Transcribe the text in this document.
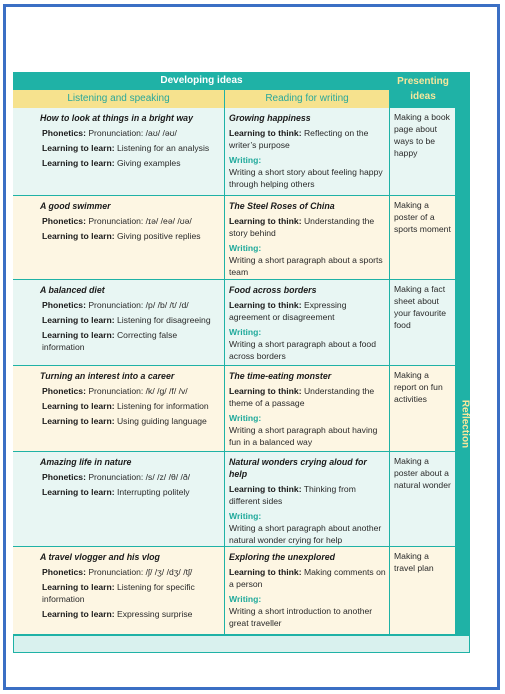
Developing ideas	Presenting ideas
Listening and speaking	Reading for writing
Reflection
How to look at things in a bright way
Phonetics: Pronunciation: /aʊ/ /əʊ/
Learning to learn: Listening for an analysis
Learning to learn: Giving examples
Growing happiness
Learning to think: Reflecting on the writer’s purpose
Writing:
Writing a short story about feeling happy through helping others
Making a book page about ways to be happy
A good swimmer
Phonetics: Pronunciation: /ɪə/ /eə/ /ʊə/
Learning to learn: Giving positive replies
The Steel Roses of China
Learning to think: Understanding the story behind
Writing:
Writing a short paragraph about a sports team
Making a poster of a sports moment
A balanced diet
Phonetics: Pronunciation: /p/ /b/ /t/ /d/
Learning to learn: Listening for disagreeing
Learning to learn: Correcting false information
Food across borders
Learning to think: Expressing agreement or disagreement
Writing:
Writing a short paragraph about a food across borders
Making a fact sheet about your favourite food
Turning an interest into a career
Phonetics: Pronunciation: /k/ /g/ /f/ /v/
Learning to learn: Listening for information
Learning to learn: Using guiding language
The time-eating monster
Learning to think: Understanding the theme of a passage
Writing:
Writing a short paragraph about having fun in a balanced way
Making a report on fun activities
Amazing life in nature
Phonetics: Pronunciation: /s/ /z/ /θ/ /ð/
Learning to learn: Interrupting politely
Natural wonders crying aloud for help
Learning to think: Thinking from different sides
Writing:
Writing a short paragraph about another natural wonder crying for help
Making a poster about a natural wonder
A travel vlogger and his vlog
Phonetics: Pronunciation: /ʃ/ /ʒ/ /dʒ/ /tʃ/
Learning to learn: Listening for specific information
Learning to learn: Expressing surprise
Exploring the unexplored
Learning to think: Making comments on a person
Writing:
Writing a short introduction to another great traveller
Making a travel plan
